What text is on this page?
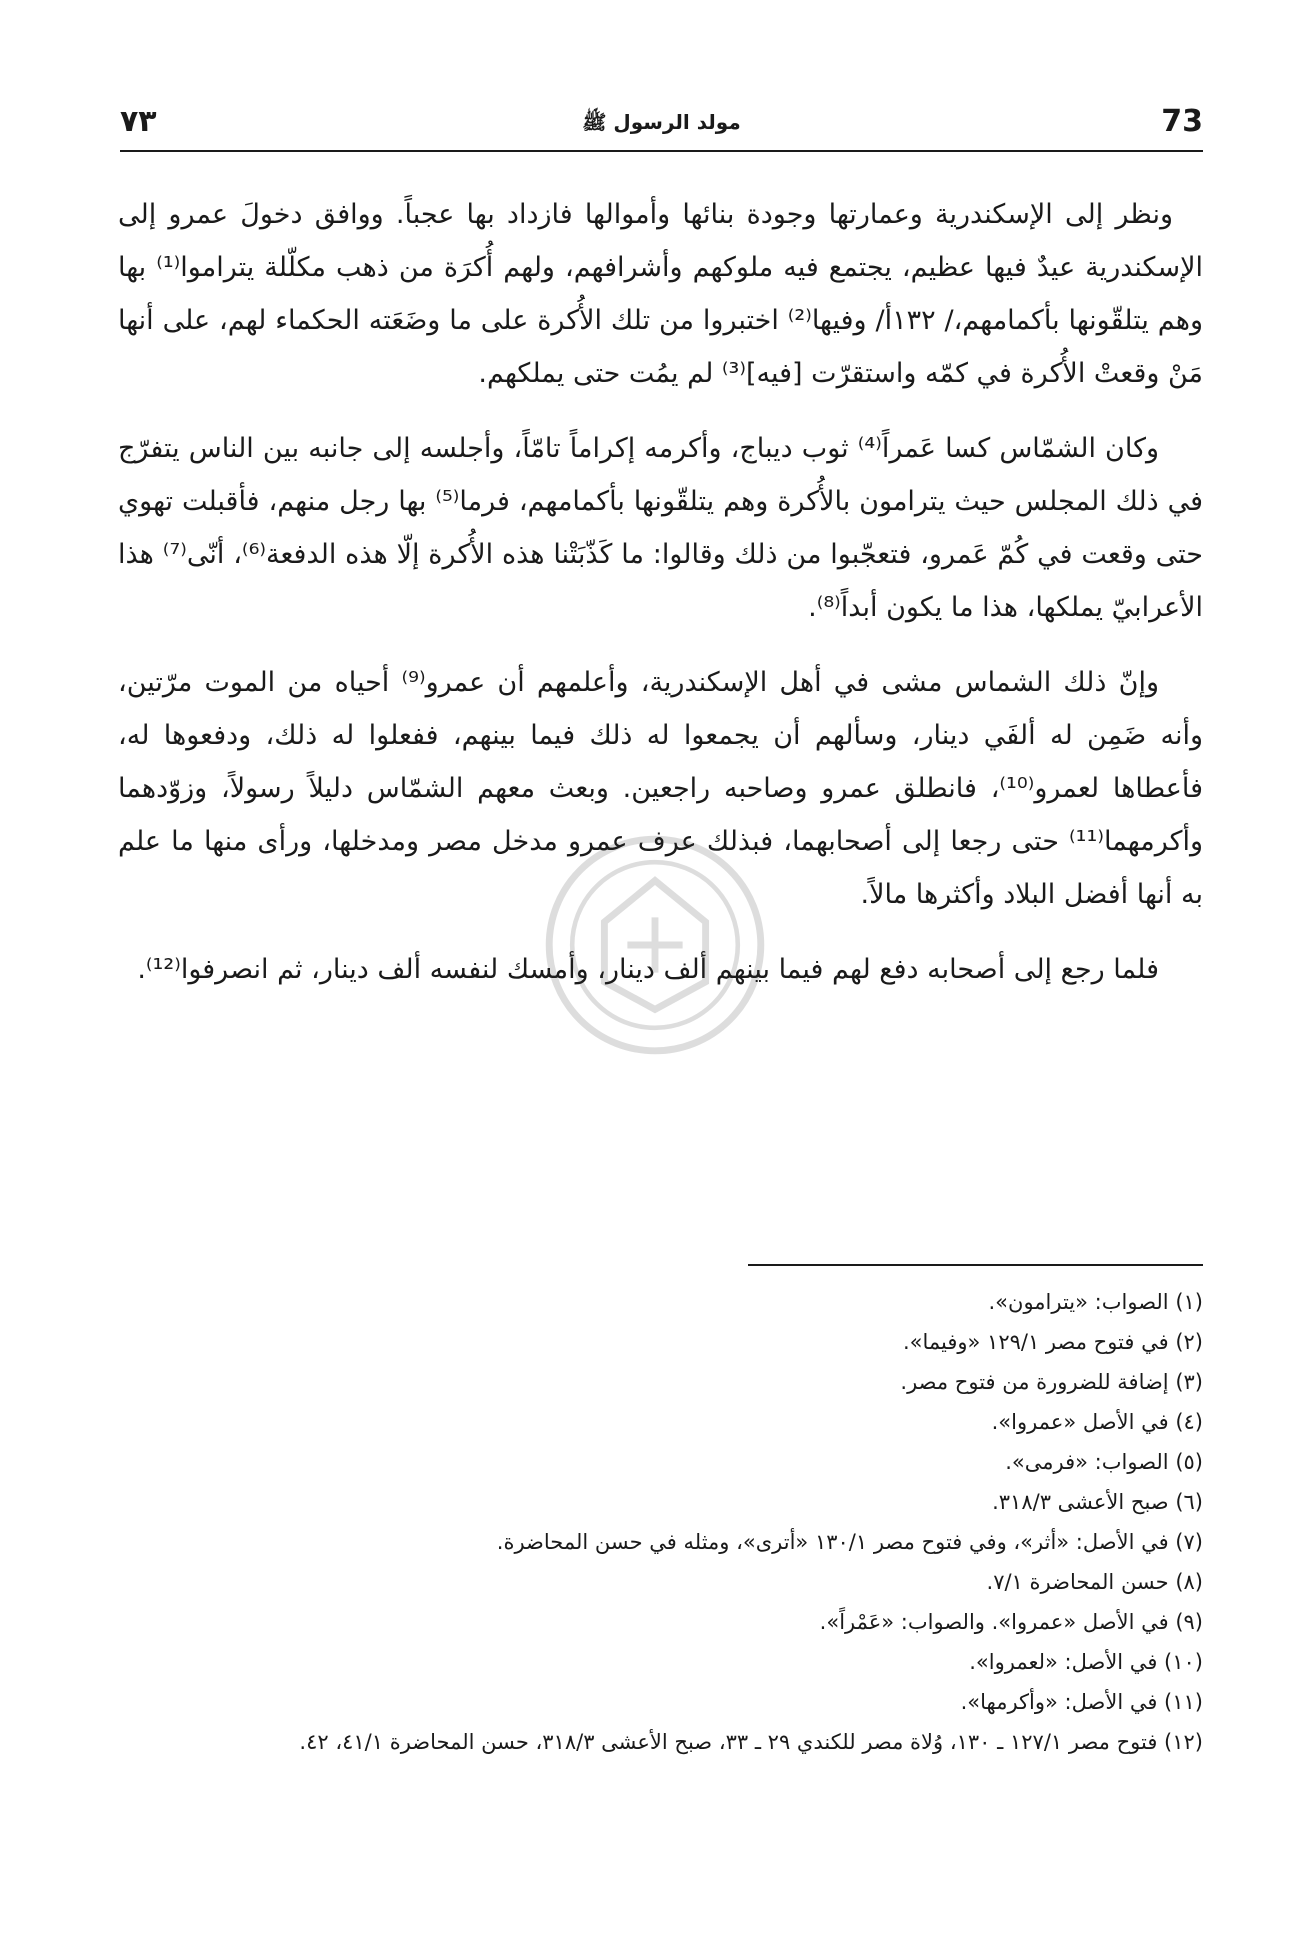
٧٣	مولد الرسول ﷺ	73

ونظر إلى الإسكندرية وعمارتها وجودة بنائها وأموالها فازداد بها عجباً. ووافق دخولَ عمرو إلى الإسكندرية عيدٌ فيها عظيم، يجتمع فيه ملوكهم وأشرافهم، ولهم أُكرَة من ذهب مكلّلة يترامو‌ا⁽¹⁾ بها وهم يتلقّونها بأكمامهم،/ ١٣٢أ/ وفيها⁽²⁾ اختبروا من تلك الأُكرة على ما وضَعَته الحكماء لهم، على أنها مَنْ وقعتْ الأُكرة في كمّه واستقرّت [فيه]⁽³⁾ لم يمُت حتى يملكهم.

وكان الشمّاس كسا عَمراً⁽⁴⁾ ثوب ديباج، وأكرمه إكراماً تامّاً، وأجلسه إلى جانبه بين الناس يتفرّج في ذلك المجلس حيث يترامون بالأُكرة وهم يتلقّونها بأكمامهم، فرما⁽⁵⁾ بها رجل منهم، فأقبلت تهوي حتى وقعت في كُمّ عَمرو، فتعجّبوا من ذلك وقالوا: ما كَذّبَتْنا هذه الأُكرة إلّا هذه الدفعة⁽⁶⁾، أنّى⁽⁷⁾ هذا الأعرابيّ يملكها، هذا ما يكون أبداً⁽⁸⁾.

وإنّ ذلك الشماس مشى في أهل الإسكندرية، وأعلمهم أن عمرو⁽⁹⁾ أحياه من الموت مرّتين، وأنه ضَمِن له ألفَي دينار، وسألهم أن يجمعوا له ذلك فيما بينهم، ففعلوا له ذلك، ودفعوها له، فأعطاها لعمرو⁽¹⁰⁾، فانطلق عمرو وصاحبه راجعين. وبعث معهم الشمّاس دليلاً رسولاً، وزوّدهما وأكرمهما⁽¹¹⁾ حتى رجعا إلى أصحابهما، فبذلك عرف عمرو مدخل مصر ومدخلها، ورأى منها ما علم به أنها أفضل البلاد وأكثرها مالاً.

فلما رجع إلى أصحابه دفع لهم فيما بينهم ألف دينار، وأمسك لنفسه ألف دينار، ثم انصرفوا⁽¹²⁾.

(١) الصواب: «يترامون».
(٢) في فتوح مصر ١٢٩/١ «وفيما».
(٣) إضافة للضرورة من فتوح مصر.
(٤) في الأصل «عمروا».
(٥) الصواب: «فرمى».
(٦) صبح الأعشى ٣١٨/٣.
(٧) في الأصل: «أثر»، وفي فتوح مصر ١٣٠/١ «أترى»، ومثله في حسن المحاضرة.
(٨) حسن المحاضرة ٧/١.
(٩) في الأصل «عمروا». والصواب: «عَمْراً».
(١٠) في الأصل: «لعمروا».
(١١) في الأصل: «وأكرمها».
(١٢) فتوح مصر ١٢٧/١ ـ ١٣٠، وُلاة مصر للكندي ٢٩ ـ ٣٣، صبح الأعشى ٣١٨/٣، حسن المحاضرة ٤١/١، ٤٢.
